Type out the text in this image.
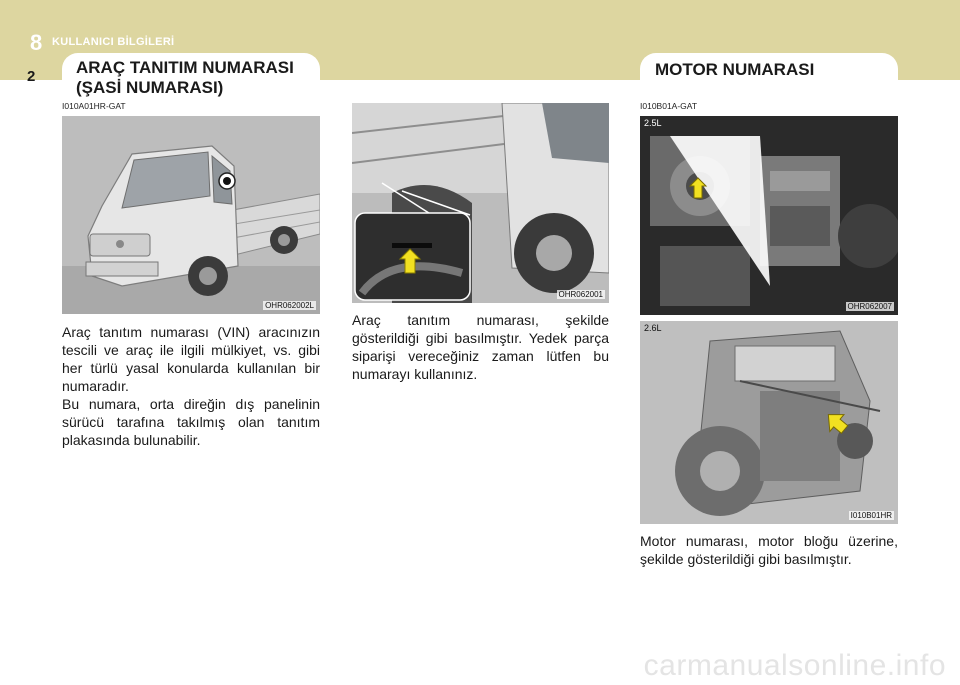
8 KULLANICI BİLGİLERİ
2 ARAÇ TANITIM NUMARASI
(ŞASİ NUMARASI)
MOTOR NUMARASI
I010A01HR-GAT	I010B01A-GAT
OHR062002L
OHR062001
2.5L
OHR062007
2.6L
I010B01HR

Araç tanıtım numarası (VIN) aracınızın tescili ve araç ile ilgili mülkiyet, vs. gibi her türlü yasal konularda kullanılan bir numaradır.

Bu numara, orta direğin dış panelinin sürücü tarafına takılmış olan tanıtım plakasında bulunabilir.

Araç tanıtım numarası, şekilde gösterildiği gibi basılmıştır. Yedek parça siparişi vereceğiniz zaman lütfen bu numarayı kullanınız.
Motor numarası, motor bloğu üzerine, şekilde gösterildiği gibi basılmıştır.
carmanualsonline.info
